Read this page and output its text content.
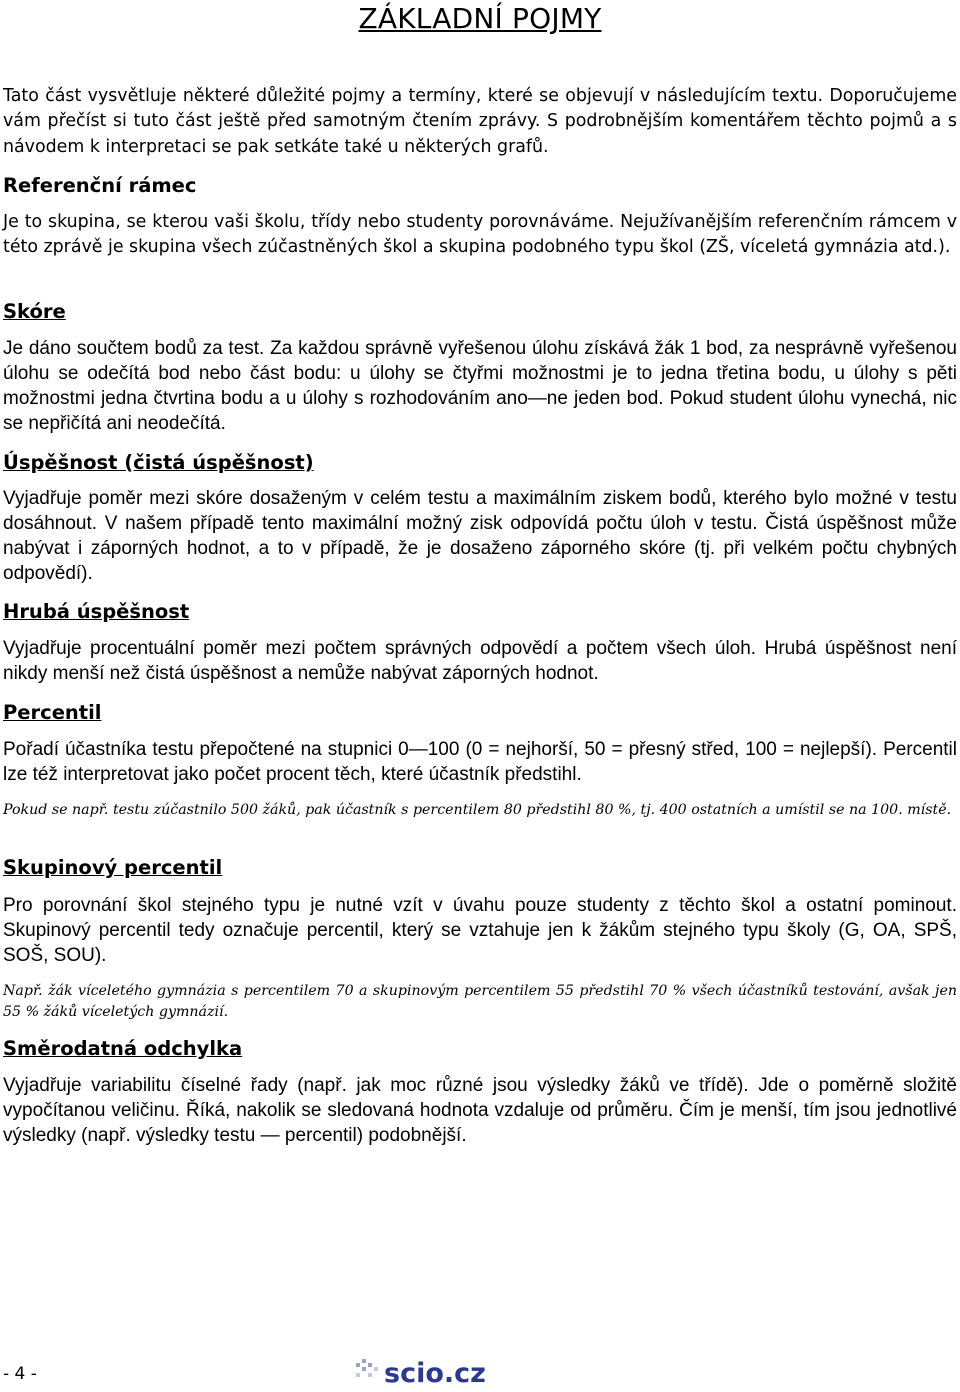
ZÁKLADNÍ POJMY
Tato část vysvětluje některé důležité pojmy a termíny, které se objevují v následujícím textu. Doporučujeme vám přečíst si tuto část ještě před samotným čtením zprávy. S podrobnějším komentářem těchto pojmů a s návodem k interpretaci se pak setkáte také u některých grafů.
Referenční rámec
Je to skupina, se kterou vaši školu, třídy nebo studenty porovnáváme. Nejužívanějším referenčním rámcem v této zprávě je skupina všech zúčastněných škol a skupina podobného typu škol (ZŠ, víceletá gymnázia atd.).
Skóre
Je dáno součtem bodů za test. Za každou správně vyřešenou úlohu získává žák 1 bod, za nesprávně vyřešenou úlohu se odečítá bod nebo část bodu: u úlohy se čtyřmi možnostmi je to jedna třetina bodu, u úlohy s pěti možnostmi jedna čtvrtina bodu a u úlohy s rozhodováním ano—ne jeden bod. Pokud student úlohu vynechá, nic se nepřičítá ani neodečítá.
Úspěšnost (čistá úspěšnost)
Vyjadřuje poměr mezi skóre dosaženým v celém testu a maximálním ziskem bodů, kterého bylo možné v testu dosáhnout. V našem případě tento maximální možný zisk odpovídá počtu úloh v testu. Čistá úspěšnost může nabývat i záporných hodnot, a to v případě, že je dosaženo záporného skóre (tj. při velkém počtu chybných odpovědí).
Hrubá úspěšnost
Vyjadřuje procentuální poměr mezi počtem správných odpovědí a počtem všech úloh. Hrubá úspěšnost není nikdy menší než čistá úspěšnost a nemůže nabývat záporných hodnot.
Percentil
Pořadí účastníka testu přepočtené na stupnici 0—100 (0 = nejhorší, 50 = přesný střed, 100 = nejlepší). Percentil lze též interpretovat jako počet procent těch, které účastník předstihl.
Pokud se např. testu zúčastnilo 500 žáků, pak účastník s percentilem 80 předstihl 80 %, tj. 400 ostatních a umístil se na 100. místě.
Skupinový percentil
Pro porovnání škol stejného typu je nutné vzít v úvahu pouze studenty z těchto škol a ostatní pominout. Skupinový percentil tedy označuje percentil, který se vztahuje jen k žákům stejného typu školy (G, OA, SPŠ, SOŠ, SOU).
Např. žák víceletého gymnázia s percentilem 70 a skupinovým percentilem 55 předstihl 70 % všech účastníků testování, avšak jen 55 % žáků víceletých gymnázií.
Směrodatná odchylka
Vyjadřuje variabilitu číselné řady (např. jak moc různé jsou výsledky žáků ve třídě). Jde o poměrně složitě vypočítanou veličinu. Říká, nakolik se sledovaná hodnota vzdaluje od průměru. Čím je menší, tím jsou jednotlivé výsledky (např. výsledky testu — percentil) podobnější.
- 4 -	scio.cz
